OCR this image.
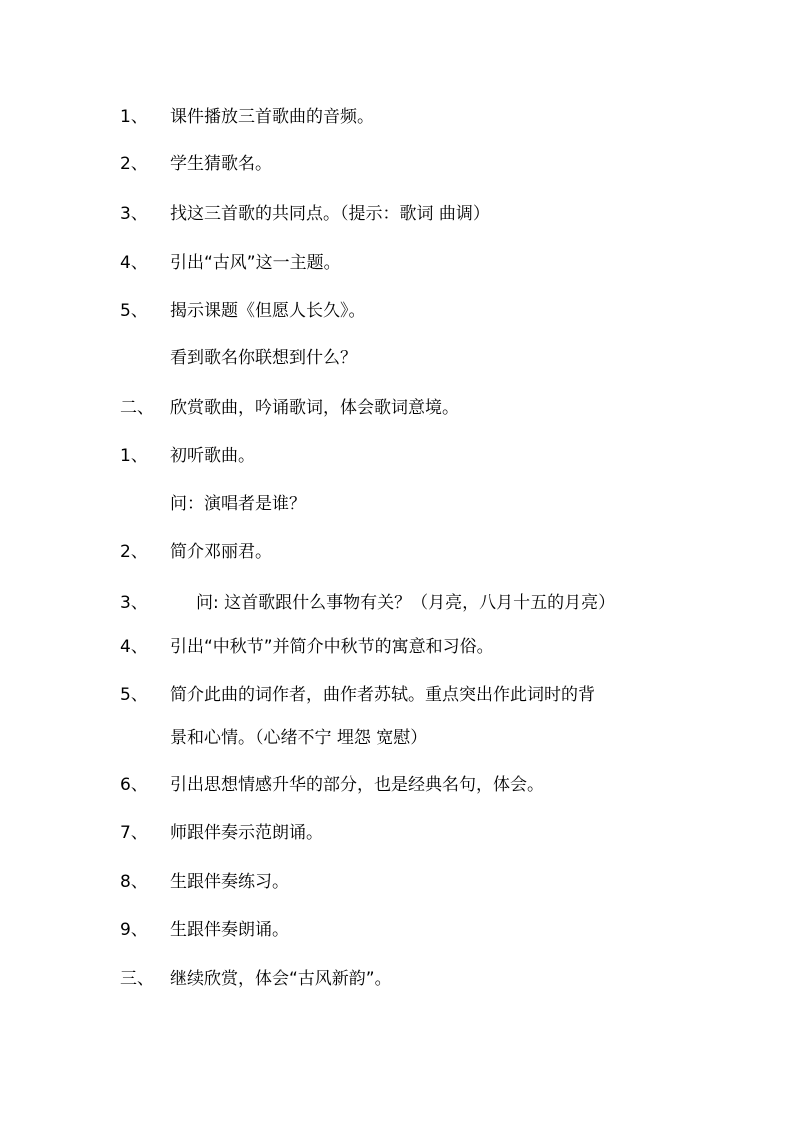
1、 课件播放三首歌曲的音频。
2、 学生猜歌名。
3、 找这三首歌的共同点。（提示：歌词 曲调）
4、 引出“古风”这一主题。
5、 揭示课题《但愿人长久》。
看到歌名你联想到什么？
二、 欣赏歌曲，吟诵歌词，体会歌词意境。
1、 初听歌曲。
问：演唱者是谁？
2、 简介邓丽君。
3、	问: 这首歌跟什么事物有关？（月亮，八月十五的月亮）
4、 引出“中秋节”并简介中秋节的寓意和习俗。
5、 简介此曲的词作者，曲作者苏轼。重点突出作此词时的背
景和心情。（心绪不宁 埋怨 宽慰）
6、 引出思想情感升华的部分，也是经典名句，体会。
7、 师跟伴奏示范朗诵。
8、 生跟伴奏练习。
9、 生跟伴奏朗诵。
三、 继续欣赏，体会“古风新韵”。
